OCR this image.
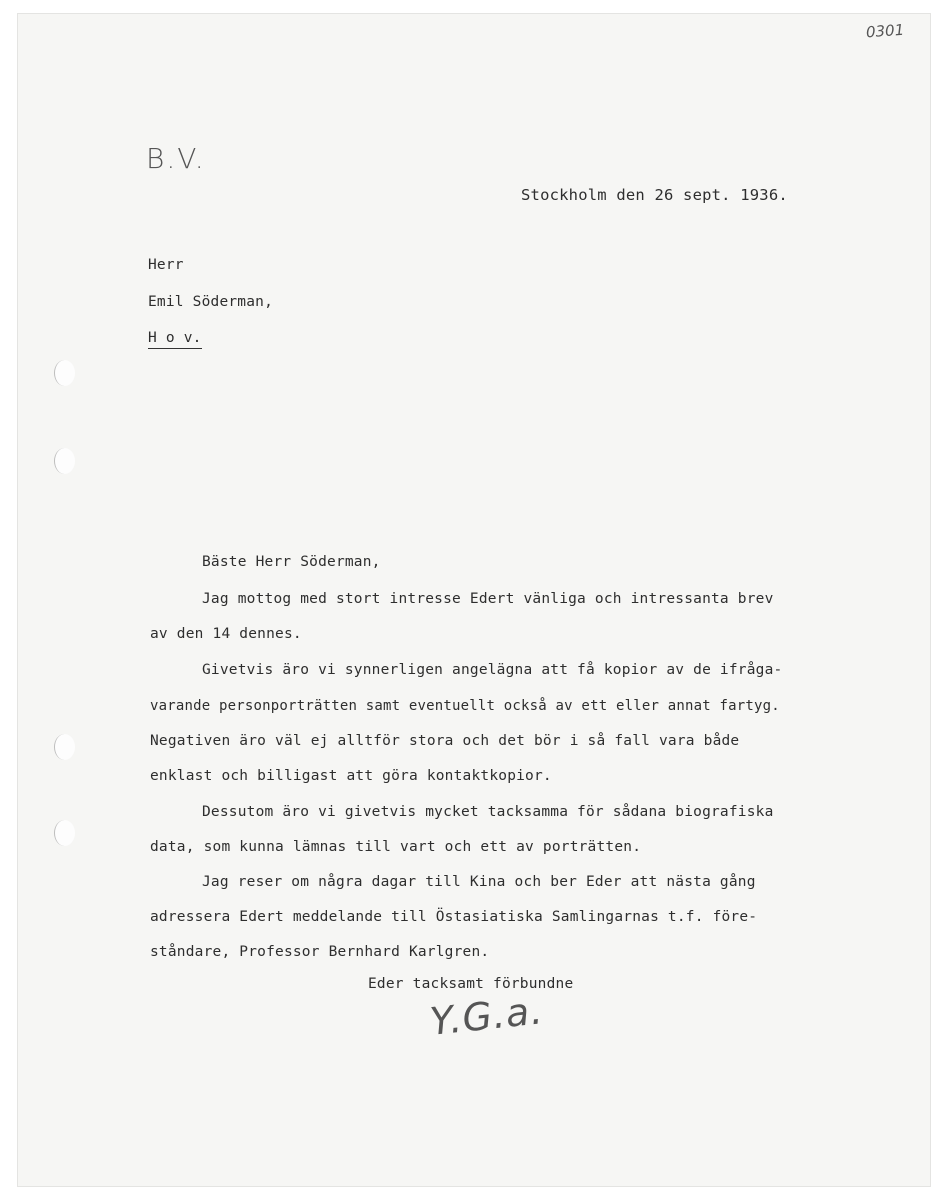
0301
B.V.
Stockholm den 26 sept. 1936.
Herr
Emil Söderman,
H o v.
Bäste Herr Söderman,
Jag mottog med stort intresse Edert vänliga och intressanta brev
av den 14 dennes.
Givetvis äro vi synnerligen angelägna att få kopior av de ifråga-
varande personporträtten samt eventuellt också av ett eller annat fartyg.
Negativen äro väl ej alltför stora och det bör i så fall vara både
enklast och billigast att göra kontaktkopior.
Dessutom äro vi givetvis mycket tacksamma för sådana biografiska
data, som kunna lämnas till vart och ett av porträtten.
Jag reser om några dagar till Kina och ber Eder att nästa gång
adressera Edert meddelande till Östasiatiska Samlingarnas t.f. före-
ståndare, Professor Bernhard Karlgren.
Eder tacksamt förbundne
Y.G.a.
